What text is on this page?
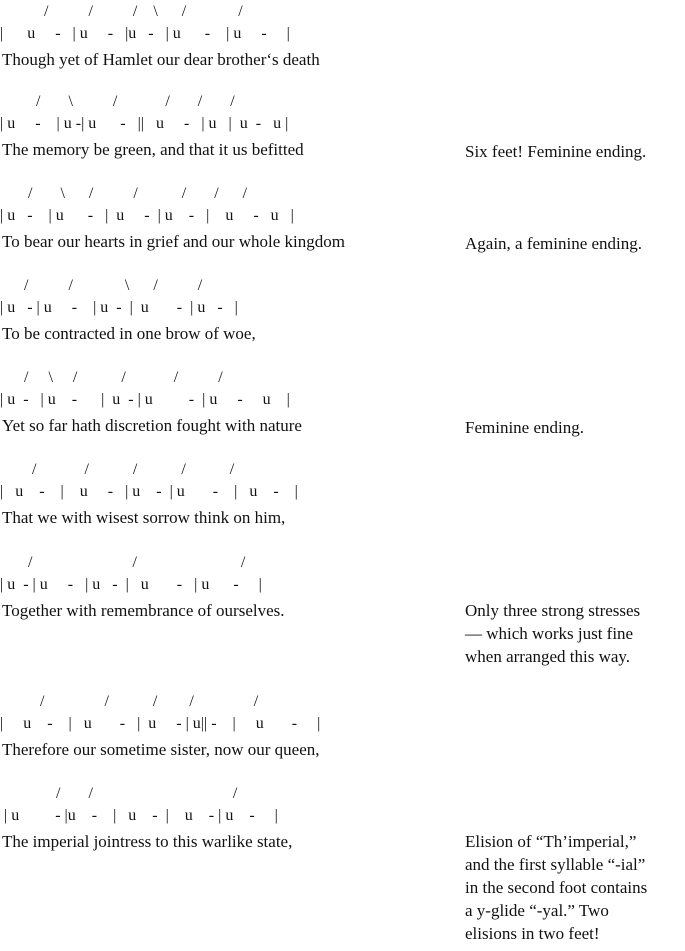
/          /          /    \      /             /
|      u     -   | u     -   |u   -   | u      -    | u     -     |
Though yet of Hamlet our dear brother‘s death
/       \          /            /       /       /
| u     -    | u -| u      -   ||   u     -   | u   |  u  -   u |
The memory be green, and that it us befitted	Six feet! Feminine ending.
/       \      /          /           /       /      /
| u   -    | u      -   |  u     -  | u    -   |    u     -   u   |
To bear our hearts in grief and our whole kingdom	Again, a feminine ending.
/          /             \      /          /
| u   - | u     -    | u  -  |  u       -  | u   -   |
To be contracted in one brow of woe,
/     \     /           /            /          /
| u  -   | u    -      |  u  - | u         -  | u     -     u    |
Yet so far hath discretion fought with nature	Feminine ending.
/            /           /           /           /
|   u    -    |    u     -   | u    -  | u       -    |   u    -    |
That we with wisest sorrow think on him,
/                         /                          /
| u  - | u     -   | u   -  |   u       -   | u      -     |
Together with remembrance of ourselves.	Only three strong stresses
— which works just fine
when arranged this way.
/               /           /        /               /
|     u    -    |   u       -   |  u     - | u|| -    |     u       -     |
Therefore our sometime sister, now our queen,
/       /                                   /
| u         - |u    -    |   u    -  |    u    - | u    -     |
The imperial jointress to this warlike state,	Elision of “Th’imperial,”
and the first syllable “-ial”
in the second foot contains
a y-glide “-yal.” Two
elisions in two feet!
